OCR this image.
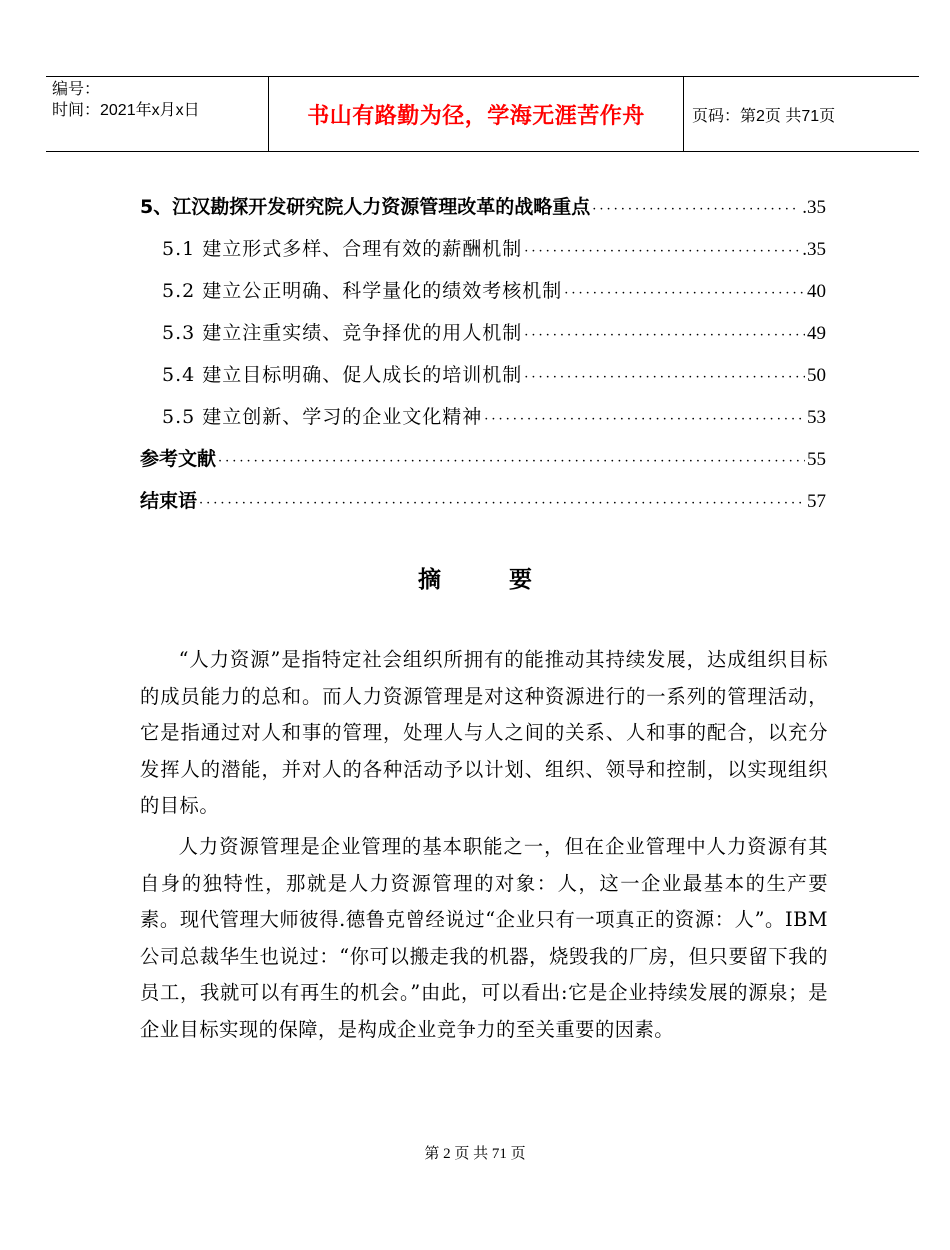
编号：
时间：2021年x月x日	书山有路勤为径，学海无涯苦作舟	页码：第2页 共71页
5、江汉勘探开发研究院人力资源管理改革的战略重点 ·····	.35
5.1 建立形式多样、合理有效的薪酬机制 ·····	.35
5.2 建立公正明确、科学量化的绩效考核机制 ·····	40
5.3 建立注重实绩、竞争择优的用人机制 ·····	49
5.4 建立目标明确、促人成长的培训机制 ·····	50
5.5 建立创新、学习的企业文化精神 ·····	53
参考文献 ·····	55
结束语 ·····	57
摘 要

“人力资源”是指特定社会组织所拥有的能推动其持续发展，达成组织目标的成员能力的总和。而人力资源管理是对这种资源进行的一系列的管理活动，它是指通过对人和事的管理，处理人与人之间的关系、人和事的配合，以充分发挥人的潜能，并对人的各种活动予以计划、组织、领导和控制，以实现组织的目标。

人力资源管理是企业管理的基本职能之一，但在企业管理中人力资源有其自身的独特性，那就是人力资源管理的对象：人，这一企业最基本的生产要素。现代管理大师彼得.德鲁克曾经说过“企业只有一项真正的资源：人”。IBM公司总裁华生也说过：“你可以搬走我的机器，烧毁我的厂房，但只要留下我的员工，我就可以有再生的机会。”由此，可以看出:它是企业持续发展的源泉；是企业目标实现的保障，是构成企业竞争力的至关重要的因素。

第 2 页 共 71 页
